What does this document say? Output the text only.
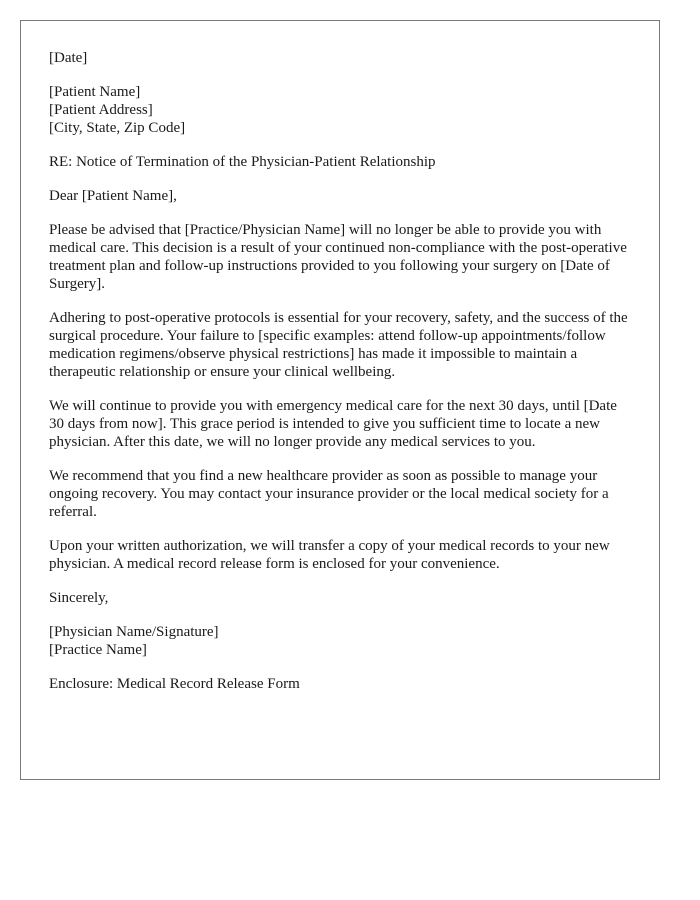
[Date]
[Patient Name]
[Patient Address]
[City, State, Zip Code]
RE: Notice of Termination of the Physician-Patient Relationship
Dear [Patient Name],

Please be advised that [Practice/Physician Name] will no longer be able to provide you with medical care. This decision is a result of your continued non-compliance with the post-operative treatment plan and follow-up instructions provided to you following your surgery on [Date of Surgery].

Adhering to post-operative protocols is essential for your recovery, safety, and the success of the surgical procedure. Your failure to [specific examples: attend follow-up appointments/follow medication regimens/observe physical restrictions] has made it impossible to maintain a therapeutic relationship or ensure your clinical wellbeing.

We will continue to provide you with emergency medical care for the next 30 days, until [Date 30 days from now]. This grace period is intended to give you sufficient time to locate a new physician. After this date, we will no longer provide any medical services to you.

We recommend that you find a new healthcare provider as soon as possible to manage your ongoing recovery. You may contact your insurance provider or the local medical society for a referral.

Upon your written authorization, we will transfer a copy of your medical records to your new physician. A medical record release form is enclosed for your convenience.

Sincerely,
[Physician Name/Signature]
[Practice Name]
Enclosure: Medical Record Release Form
